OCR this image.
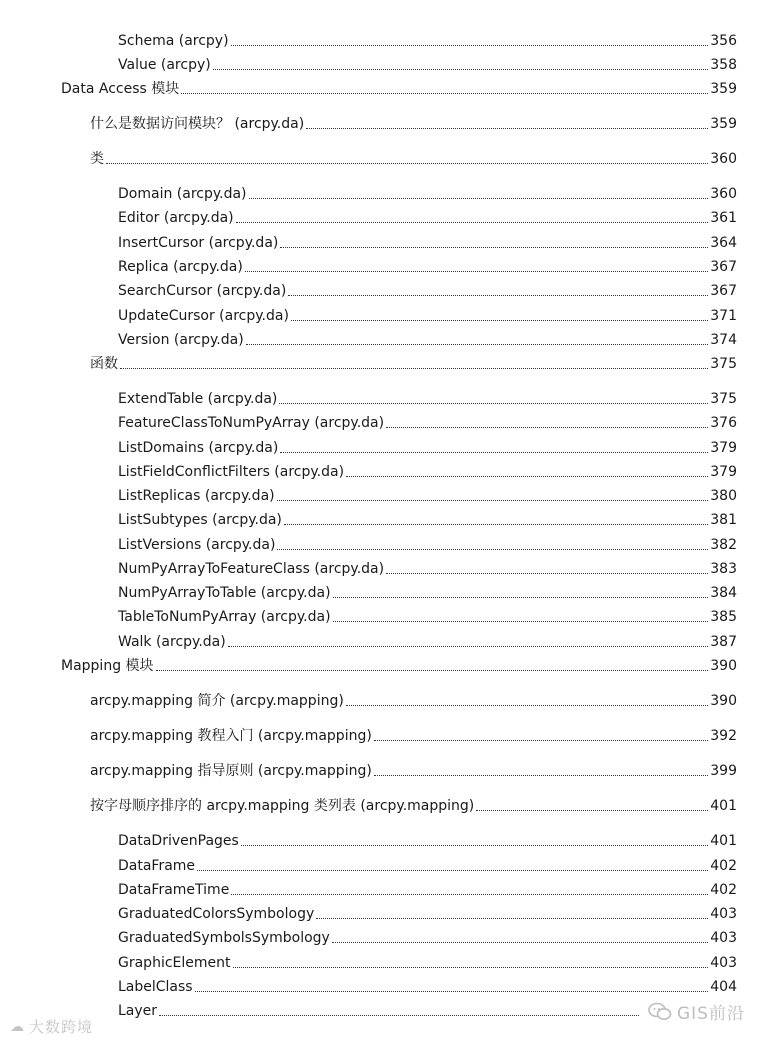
Schema (arcpy)	356
Value (arcpy)	358
Data Access 模块	359
什么是数据访问模块？ (arcpy.da)	359
类	360
Domain (arcpy.da)	360
Editor (arcpy.da)	361
InsertCursor (arcpy.da)	364
Replica (arcpy.da)	367
SearchCursor (arcpy.da)	367
UpdateCursor (arcpy.da)	371
Version (arcpy.da)	374
函数	375
ExtendTable (arcpy.da)	375
FeatureClassToNumPyArray (arcpy.da)	376
ListDomains (arcpy.da)	379
ListFieldConflictFilters (arcpy.da)	379
ListReplicas (arcpy.da)	380
ListSubtypes (arcpy.da)	381
ListVersions (arcpy.da)	382
NumPyArrayToFeatureClass (arcpy.da)	383
NumPyArrayToTable (arcpy.da)	384
TableToNumPyArray (arcpy.da)	385
Walk (arcpy.da)	387
Mapping 模块	390
arcpy.mapping 简介 (arcpy.mapping)	390
arcpy.mapping 教程入门 (arcpy.mapping)	392
arcpy.mapping 指导原则 (arcpy.mapping)	399
按字母顺序排序的 arcpy.mapping 类列表 (arcpy.mapping)	401
DataDrivenPages	401
DataFrame	402
DataFrameTime	402
GraduatedColorsSymbology	403
GraduatedSymbolsSymbology	403
GraphicElement	403
LabelClass	404
Layer
☁ 大数跨境
GIS前沿
